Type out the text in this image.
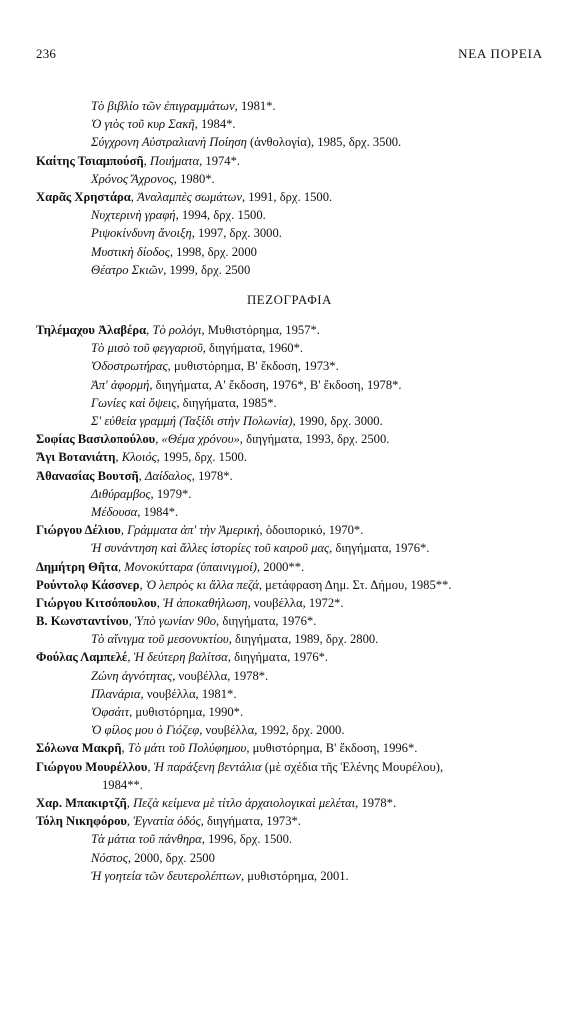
236	ΝΕΑ ΠΟΡΕΙΑ
Τὸ βιβλίο τῶν ἐπιγραμμάτων, 1981*.
Ὁ γιὸς τοῦ κυρ Σακῆ, 1984*.
Σύγχρονη Αὐστραλιανὴ Ποίηση (ἀνθολογία), 1985, δρχ. 3500.
Καίτης Τσιαμπούσῆ, Ποιήματα, 1974*.
Χρόνος Ἄχρονος, 1980*.
Χαρᾶς Χρηστάρα, Ἀναλαμπὲς σωμάτων, 1991, δρχ. 1500.
Νυχτερινὴ γραφή, 1994, δρχ. 1500.
Ριψοκίνδυνη ἄνοιξη, 1997, δρχ. 3000.
Μυστικὴ δίοδος, 1998, δρχ. 2000
Θέατρο Σκιῶν, 1999, δρχ. 2500
ΠΕΖΟΓΡΑΦΙΑ
Τηλέμαχου Ἀλαβέρα, Τὸ ρολόγι, Μυθιστόρημα, 1957*.
Τὸ μισὸ τοῦ φεγγαριοῦ, διηγήματα, 1960*.
Ὀδοστρωτήρας, μυθιστόρημα, Β' ἔκδοση, 1973*.
Ἀπ' ἀφορμή, διηγήματα, Α' ἔκδοση, 1976*, Β' ἔκδοση, 1978*.
Γωνίες καὶ ὄψεις, διηγήματα, 1985*.
Σ' εὐθεία γραμμή (Ταξίδι στὴν Πολωνία), 1990, δρχ. 3000.
Σοφίας Βασιλοπούλου, «Θέμα χρόνου», διηγήματα, 1993, δρχ. 2500.
Ἄγι Βοτανιάτη, Κλοιός, 1995, δρχ. 1500.
Ἀθανασίας Βουτσῆ, Δαίδαλος, 1978*.
Διθύραμβος, 1979*.
Μέδουσα, 1984*.
Γιώργου Δέλιου, Γράμματα ἀπ' τὴν Ἀμερική, ὁδοιπορικό, 1970*.
Ἡ συνάντηση καὶ ἄλλες ἱστορίες τοῦ καιροῦ μας, διηγήματα, 1976*.
Δημήτρη Θῆτα, Μονοκύτταρα (ὑπαινιγμοί), 2000**.
Ρούντολφ Κάσσνερ, Ὁ λεπρὸς κι ἄλλα πεζά, μετάφραση Δημ. Στ. Δήμου, 1985**.
Γιώργου Κιτσόπουλου, Ἡ ἀποκαθήλωση, νουβέλλα, 1972*.
Β. Κωνσταντίνου, Ὑπὸ γωνίαν 90ο, διηγήματα, 1976*.
Τὸ αἴνιγμα τοῦ μεσονυκτίου, διηγήματα, 1989, δρχ. 2800.
Φούλας Λαμπελέ, Ἡ δεύτερη βαλίτσα, διηγήματα, 1976*.
Ζώνη ἁγνότητας, νουβέλλα, 1978*.
Πλανάρια, νουβέλλα, 1981*.
Ὀφσάιτ, μυθιστόρημα, 1990*.
Ὁ φίλος μου ὁ Γιόζεφ, νουβέλλα, 1992, δρχ. 2000.
Σόλωνα Μακρῆ, Τὸ μάτι τοῦ Πολύφημου, μυθιστόρημα, Β' ἔκδοση, 1996*.
Γιώργου Μουρέλλου, Ἡ παράξενη βεντάλια (μὲ σχέδια τῆς Ἑλένης Μουρέλου),
1984**.
Χαρ. Μπακιρτζῆ, Πεζὰ κείμενα μὲ τίτλο ἀρχαιολογικαὶ μελέται, 1978*.
Τόλη Νικηφόρου, Ἐγνατία ὁδός, διηγήματα, 1973*.
Τὰ μάτια τοῦ πάνθηρα, 1996, δρχ. 1500.
Νόστος, 2000, δρχ. 2500
Ἡ γοητεία τῶν δευτερολέπτων, μυθιστόρημα, 2001.
